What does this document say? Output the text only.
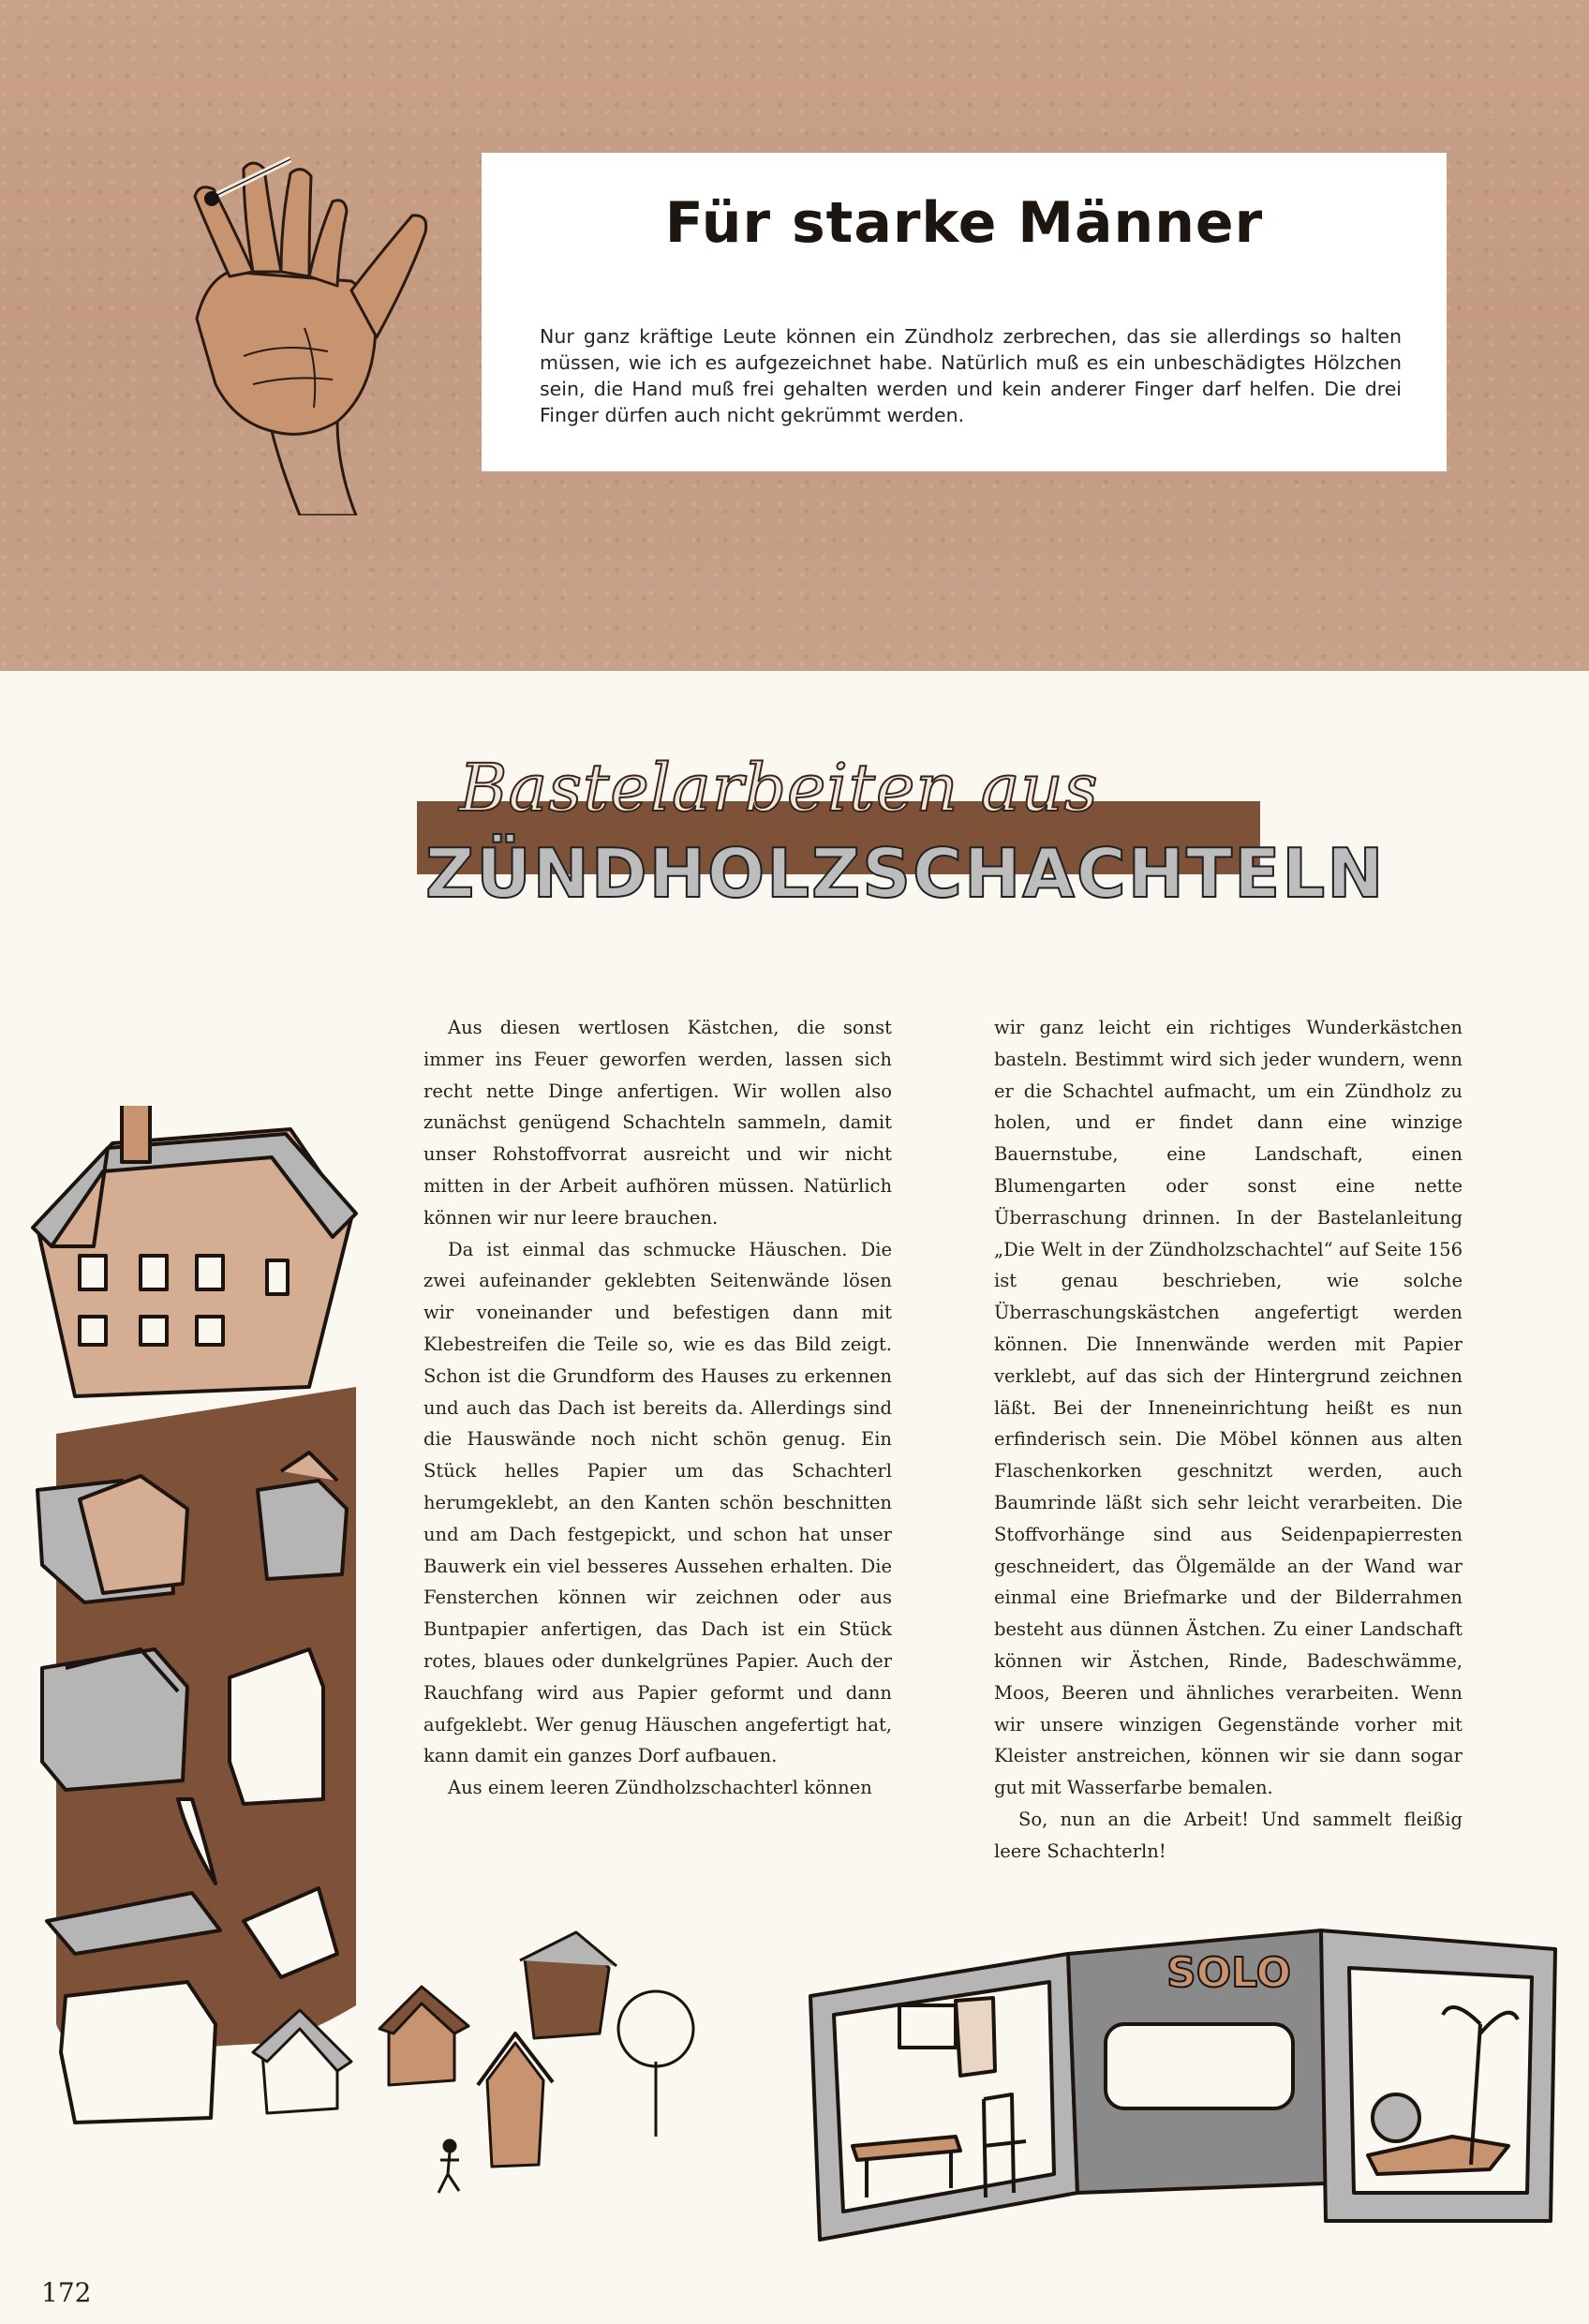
Für starke Männer

Nur ganz kräftige Leute können ein Zündholz zerbrechen, das sie allerdings so halten müssen, wie ich es aufgezeichnet habe. Natürlich muß es ein unbeschädigtes Hölzchen sein, die Hand muß frei gehalten werden und kein anderer Finger darf helfen. Die drei Finger dürfen auch nicht gekrümmt werden.

Bastelarbeiten aus
ZÜNDHOLZSCHACHTELN

Aus diesen wertlosen Kästchen, die sonst immer ins Feuer geworfen werden, lassen sich recht nette Dinge anfertigen. Wir wollen also zunächst genügend Schachteln sammeln, damit unser Rohstoffvorrat ausreicht und wir nicht mitten in der Arbeit aufhören müssen. Natürlich können wir nur leere brauchen.

Da ist einmal das schmucke Häuschen. Die zwei aufeinander geklebten Seitenwände lösen wir voneinander und befestigen dann mit Klebestreifen die Teile so, wie es das Bild zeigt. Schon ist die Grundform des Hauses zu erkennen und auch das Dach ist bereits da. Allerdings sind die Hauswände noch nicht schön genug. Ein Stück helles Papier um das Schachterl herumgeklebt, an den Kanten schön beschnitten und am Dach festgepickt, und schon hat unser Bauwerk ein viel besseres Aussehen erhalten. Die Fensterchen können wir zeichnen oder aus Buntpapier anfertigen, das Dach ist ein Stück rotes, blaues oder dunkelgrünes Papier. Auch der Rauchfang wird aus Papier geformt und dann aufgeklebt. Wer genug Häuschen angefertigt hat, kann damit ein ganzes Dorf aufbauen.

Aus einem leeren Zündholzschachterl können

wir ganz leicht ein richtiges Wunderkästchen basteln. Bestimmt wird sich jeder wundern, wenn er die Schachtel aufmacht, um ein Zündholz zu holen, und er findet dann eine winzige Bauernstube, eine Landschaft, einen Blumengarten oder sonst eine nette Überraschung drinnen. In der Bastelanleitung „Die Welt in der Zündholzschachtel“ auf Seite 156 ist genau beschrieben, wie solche Überraschungskästchen angefertigt werden können. Die Innenwände werden mit Papier verklebt, auf das sich der Hintergrund zeichnen läßt. Bei der Inneneinrichtung heißt es nun erfinderisch sein. Die Möbel können aus alten Flaschenkorken geschnitzt werden, auch Baumrinde läßt sich sehr leicht verarbeiten. Die Stoffvorhänge sind aus Seidenpapierresten geschneidert, das Ölgemälde an der Wand war einmal eine Briefmarke und der Bilderrahmen besteht aus dünnen Ästchen. Zu einer Landschaft können wir Ästchen, Rinde, Badeschwämme, Moos, Beeren und ähnliches verarbeiten. Wenn wir unsere winzigen Gegenstände vorher mit Kleister anstreichen, können wir sie dann sogar gut mit Wasserfarbe bemalen.

So, nun an die Arbeit! Und sammelt fleißig leere Schachterln!

SOLO
172
